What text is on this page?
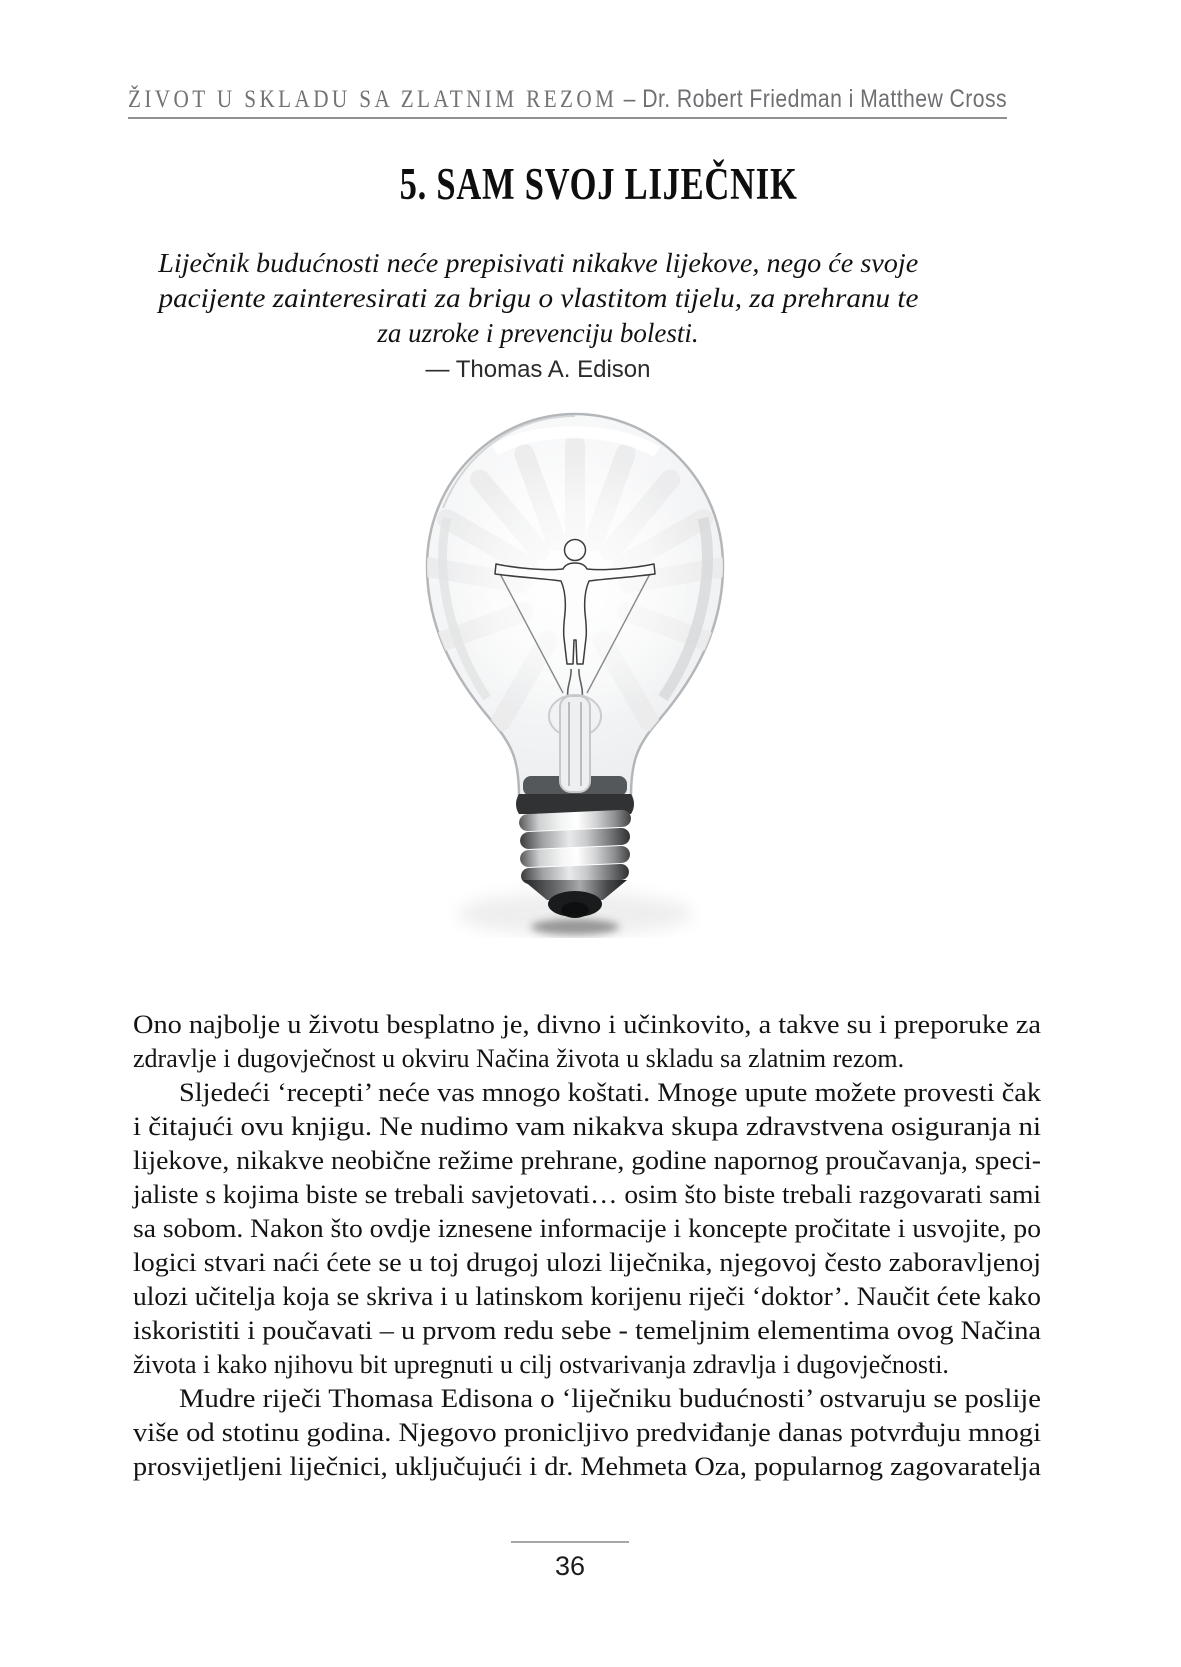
ŽIVOT U SKLADU SA ZLATNIM REZOM – Dr. Robert Friedman i Matthew Cross
5. SAM SVOJ LIJEČNIK
Liječnik budućnosti neće prepisivati nikakve lijekove, nego će svoje
pacijente zainteresirati za brigu o vlastitom tijelu, za prehranu te
za uzroke i prevenciju bolesti.
— Thomas A. Edison
Ono najbolje u životu besplatno je, divno i učinkovito, a takve su i preporuke za
zdravlje i dugovječnost u okviru Načina života u skladu sa zlatnim rezom.
Sljedeći ‘recepti’ neće vas mnogo koštati. Mnoge upute možete provesti čak
i čitajući ovu knjigu. Ne nudimo vam nikakva skupa zdravstvena osiguranja ni
lijekove, nikakve neobične režime prehrane, godine napornog proučavanja, speci-
jaliste s kojima biste se trebali savjetovati… osim što biste trebali razgovarati sami
sa sobom. Nakon što ovdje iznesene informacije i koncepte pročitate i usvojite, po
logici stvari naći ćete se u toj drugoj ulozi liječnika, njegovoj često zaboravljenoj
ulozi učitelja koja se skriva i u latinskom korijenu riječi ‘doktor’. Naučit ćete kako
iskoristiti i poučavati – u prvom redu sebe - temeljnim elementima ovog Načina
života i kako njihovu bit upregnuti u cilj ostvarivanja zdravlja i dugovječnosti.
Mudre riječi Thomasa Edisona o ‘liječniku budućnosti’ ostvaruju se poslije
više od stotinu godina. Njegovo pronicljivo predviđanje danas potvrđuju mnogi
prosvijetljeni liječnici, uključujući i dr. Mehmeta Oza, popularnog zagovaratelja
36
